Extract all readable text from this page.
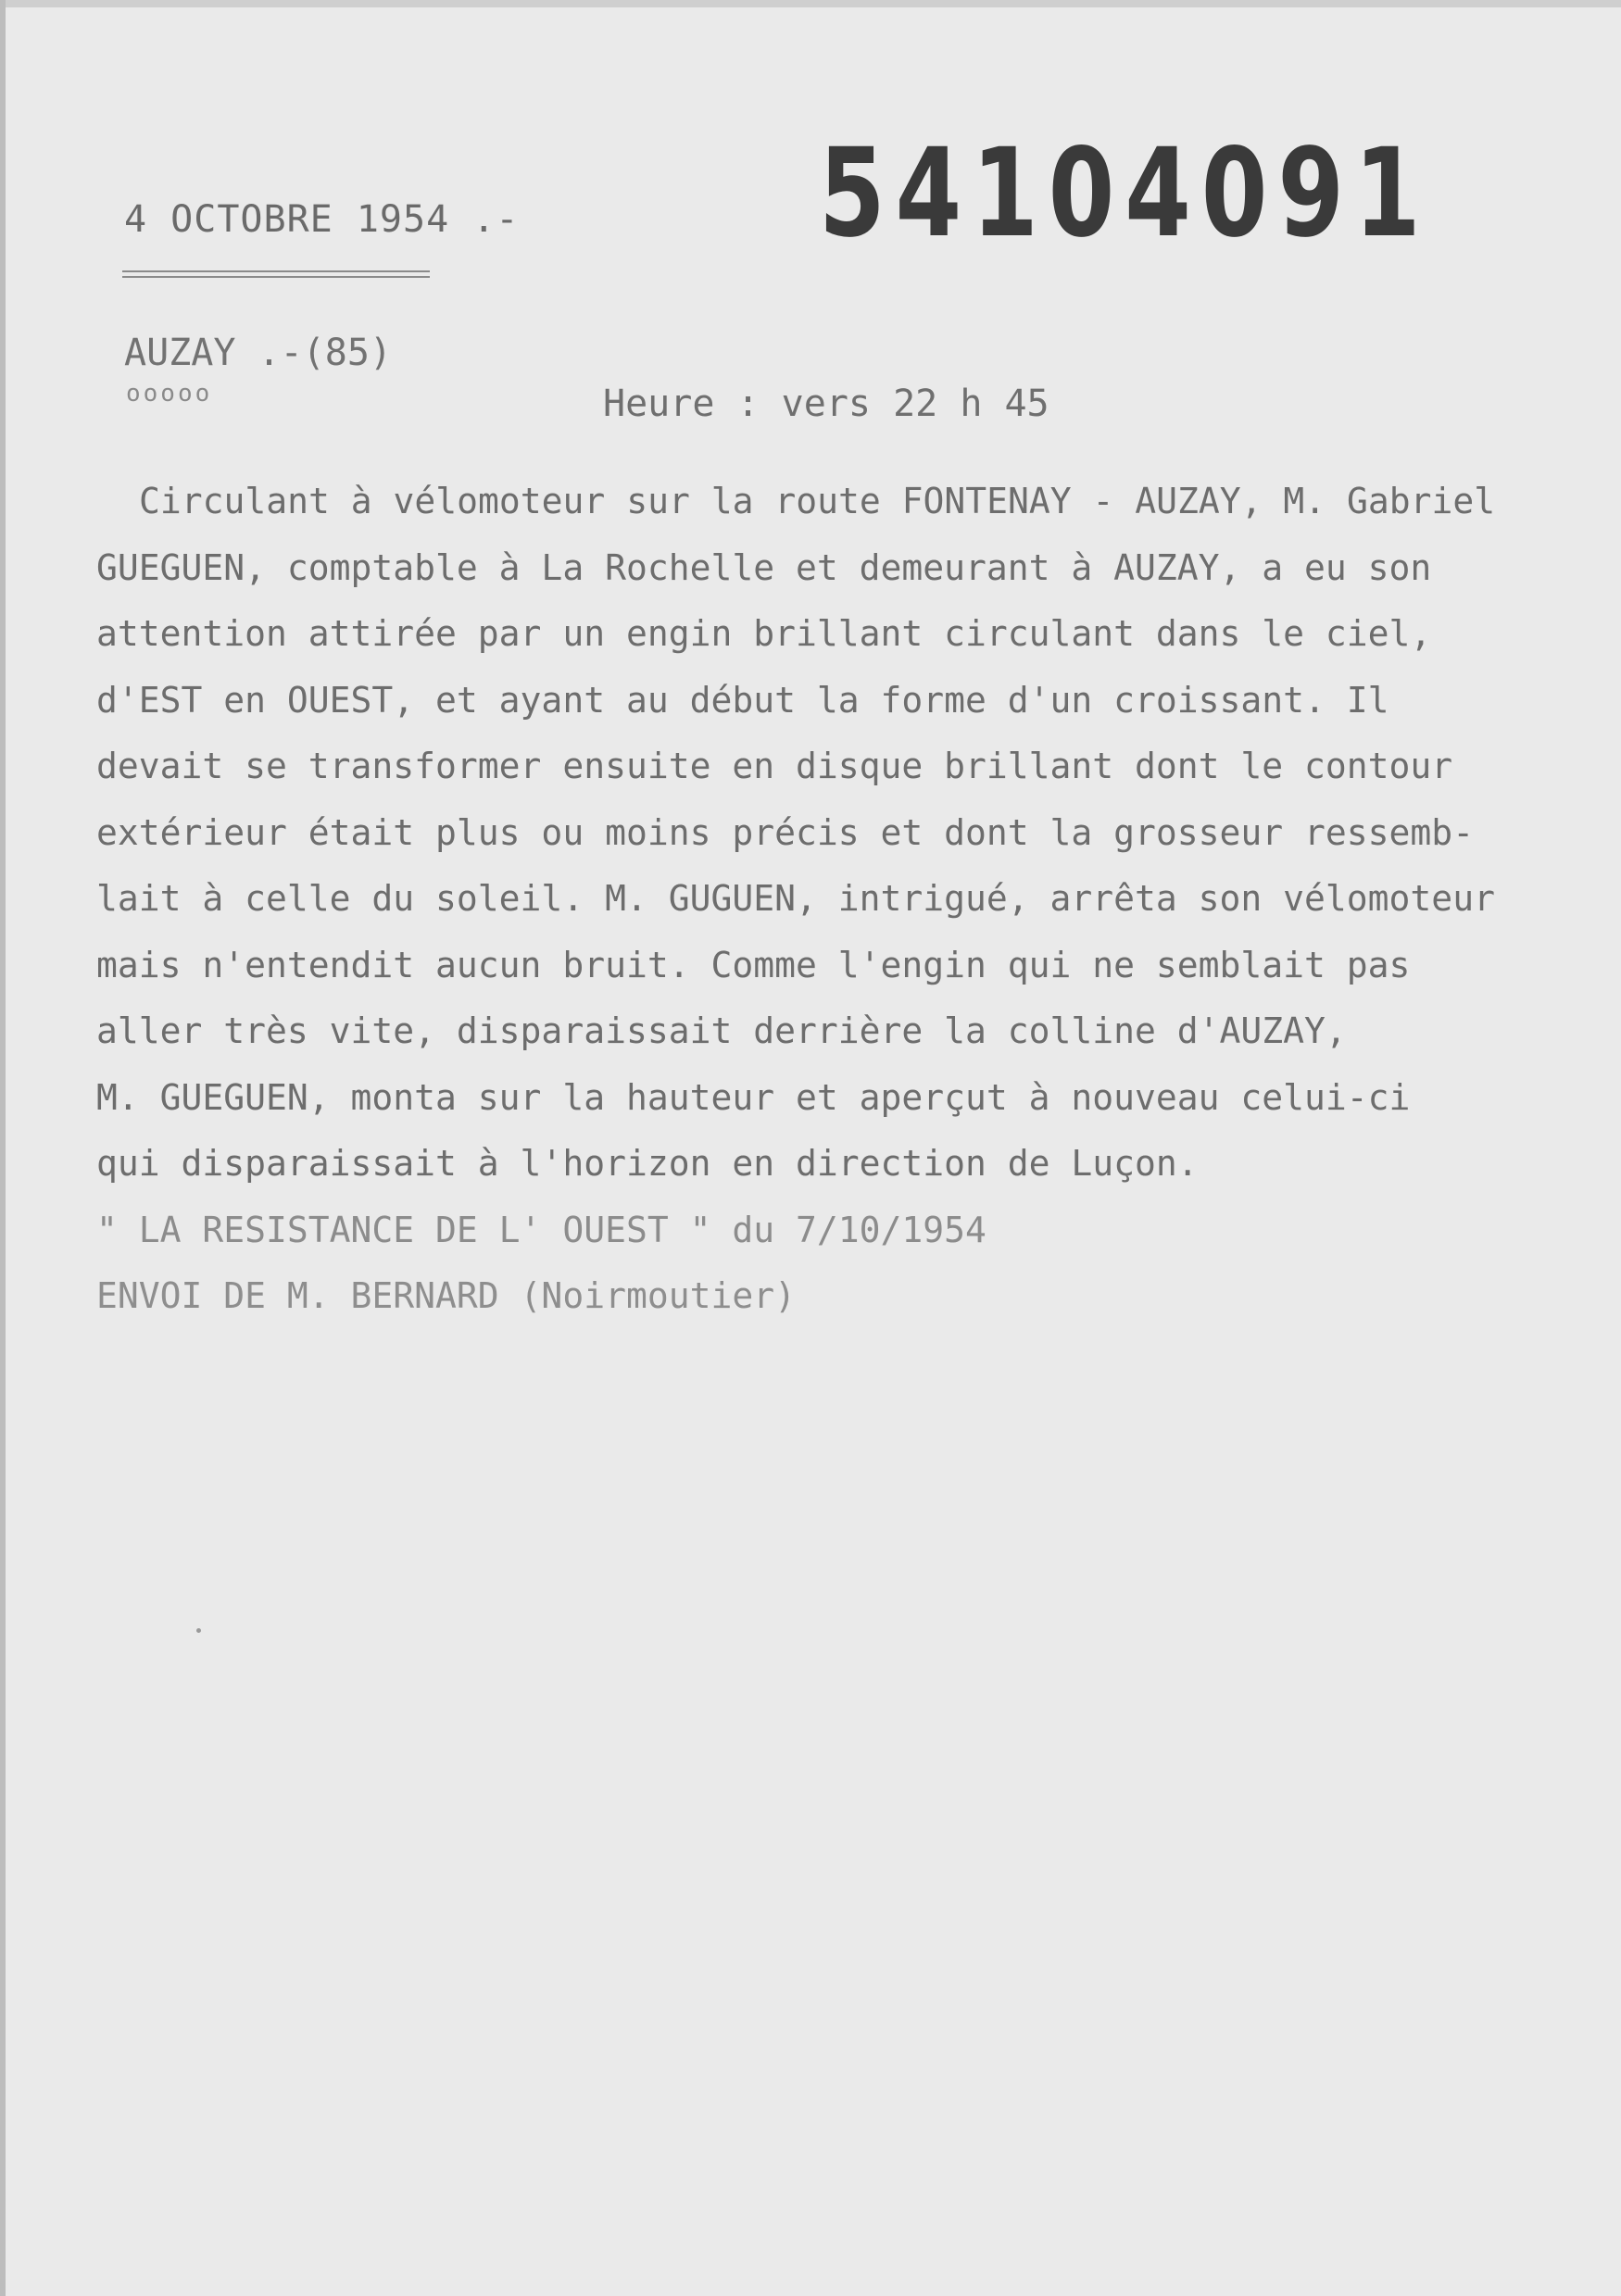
4 OCTOBRE 1954 .- 54104091
AUZAY .-(85)
ooooo	Heure : vers 22 h 45
Circulant à vélomoteur sur la route FONTENAY - AUZAY, M. Gabriel
GUEGUEN, comptable à La Rochelle et demeurant à AUZAY, a eu son
attention attirée par un engin brillant circulant dans le ciel,
d'EST en OUEST, et ayant au début la forme d'un croissant. Il
devait se transformer ensuite en disque brillant dont le contour
extérieur était plus ou moins précis et dont la grosseur ressemb-
lait à celle du soleil. M. GUGUEN, intrigué, arrêta son vélomoteur
mais n'entendit aucun bruit. Comme l'engin qui ne semblait pas
aller très vite, disparaissait derrière la colline d'AUZAY,
M. GUEGUEN, monta sur la hauteur et aperçut à nouveau celui-ci
qui disparaissait à l'horizon en direction de Luçon.
" LA RESISTANCE DE L' OUEST " du 7/10/1954
ENVOI DE M. BERNARD (Noirmoutier)
